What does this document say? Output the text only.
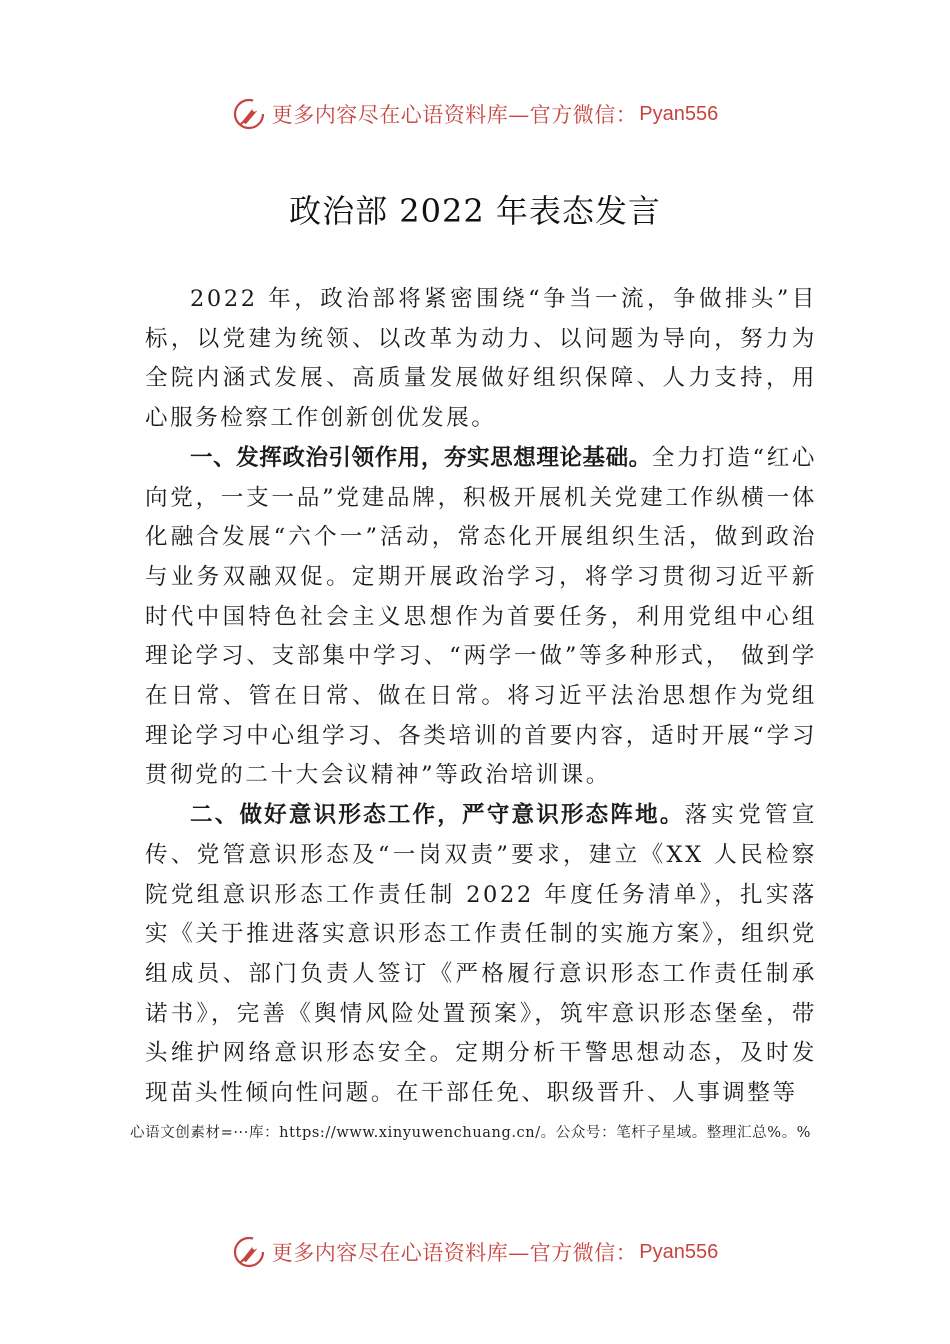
更多内容尽在心语资料库—官方微信： Pyan556
政治部 2022 年表态发言

2022 年，政治部将紧密围绕“争当一流，争做排头”目标，以党建为统领、以改革为动力、以问题为导向，努力为全院内涵式发展、高质量发展做好组织保障、人力支持，用心服务检察工作创新创优发展。

一、发挥政治引领作用，夯实思想理论基础。全力打造“红心向党，一支一品”党建品牌，积极开展机关党建工作纵横一体化融合发展“六个一”活动，常态化开展组织生活，做到政治与业务双融双促。定期开展政治学习，将学习贯彻习近平新时代中国特色社会主义思想作为首要任务，利用党组中心组理论学习、支部集中学习、“两学一做”等多种形式， 做到学在日常、管在日常、做在日常。将习近平法治思想作为党组理论学习中心组学习、各类培训的首要内容，适时开展“学习贯彻党的二十大会议精神”等政治培训课。

二、做好意识形态工作，严守意识形态阵地。落实党管宣传、党管意识形态及“一岗双责”要求，建立《XX 人民检察院党组意识形态工作责任制 2022 年度任务清单》，扎实落实《关于推进落实意识形态工作责任制的实施方案》，组织党组成员、部门负责人签订《严格履行意识形态工作责任制承 诺书》，完善《舆情风险处置预案》，筑牢意识形态堡垒，带 头维护网络意识形态安全。定期分析干警思想动态，及时发现苗头性倾向性问题。在干部任免、职级晋升、人事调整等

心语文创素材=···库：https://www.xinyuwenchuang.cn/。公众号：笔杆子星域。整理汇总%。%
更多内容尽在心语资料库—官方微信： Pyan556
